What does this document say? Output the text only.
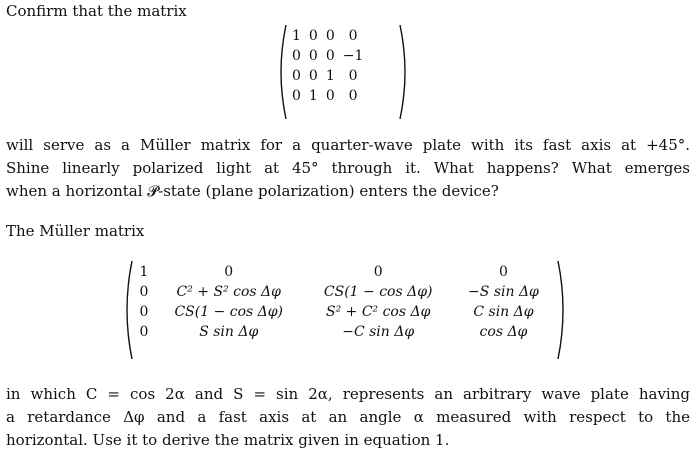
Confirm that the matrix

1	0	0	0
0	0	0	−1
0	0	1	0
0	1	0	0
will serve as a Müller matrix for a quarter-wave plate with its fast axis at +45°.
Shine linearly polarized light at 45° through it. What happens? What emerges
when a horizontal 𝓟-state (plane polarization) enters the device?

The Müller matrix

1	0	0	0
0	C² + S² cos Δφ	CS(1 − cos Δφ)	−S sin Δφ
0	CS(1 − cos Δφ)	S² + C² cos Δφ	C sin Δφ
0	S sin Δφ	−C sin Δφ	cos Δφ
in which C = cos 2α and S = sin 2α, represents an arbitrary wave plate having
a retardance Δφ and a fast axis at an angle α measured with respect to the
horizontal. Use it to derive the matrix given in equation 1.
